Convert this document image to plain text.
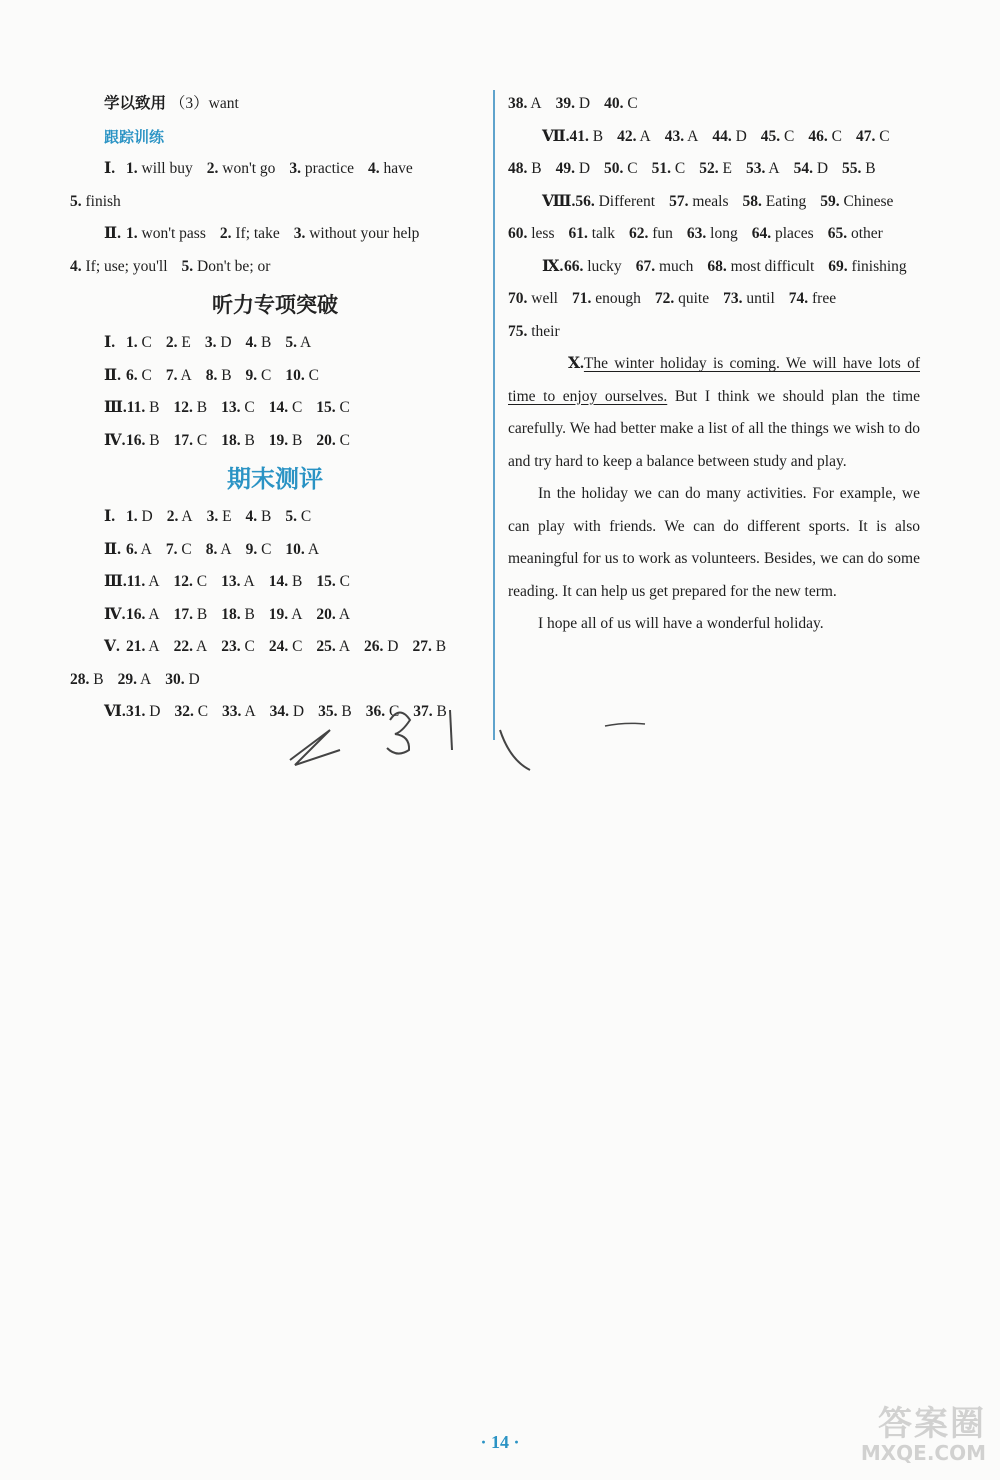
学以致用 （3）want
跟踪训练
Ⅰ. 1. will buy 2. won't go 3. practice 4. have
5. finish
Ⅱ. 1. won't pass 2. If; take 3. without your help
4. If; use; you'll 5. Don't be; or
听力专项突破
Ⅰ. 1. C 2. E 3. D 4. B 5. A
Ⅱ. 6. C 7. A 8. B 9. C 10. C
Ⅲ.11. B 12. B 13. C 14. C 15. C
Ⅳ.16. B 17. C 18. B 19. B 20. C
期末测评
Ⅰ. 1. D 2. A 3. E 4. B 5. C
Ⅱ. 6. A 7. C 8. A 9. C 10. A
Ⅲ.11. A 12. C 13. A 14. B 15. C
Ⅳ.16. A 17. B 18. B 19. A 20. A
Ⅴ. 21. A 22. A 23. C 24. C 25. A 26. D 27. B
28. B 29. A 30. D
Ⅵ.31. D 32. C 33. A 34. D 35. B 36. C 37. B
38. A 39. D 40. C
Ⅶ.41. B 42. A 43. A 44. D 45. C 46. C 47. C
48. B 49. D 50. C 51. C 52. E 53. A 54. D 55. B
Ⅷ.56. Different 57. meals 58. Eating 59. Chinese
60. less 61. talk 62. fun 63. long 64. places 65. other
Ⅸ.66. lucky 67. much 68. most difficult 69. finishing
70. well 71. enough 72. quite 73. until 74. free
75. their

Ⅹ.The winter holiday is coming. We will have lots of time to enjoy ourselves. But I think we should plan the time carefully. We had better make a list of all the things we wish to do and try hard to keep a balance between study and play.

In the holiday we can do many activities. For example, we can play with friends. We can do different sports. It is also meaningful for us to work as volunteers. Besides, we can do some reading. It can help us get prepared for the new term.

I hope all of us will have a wonderful holiday.

· 14 ·	答案圈
MXQE.COM
